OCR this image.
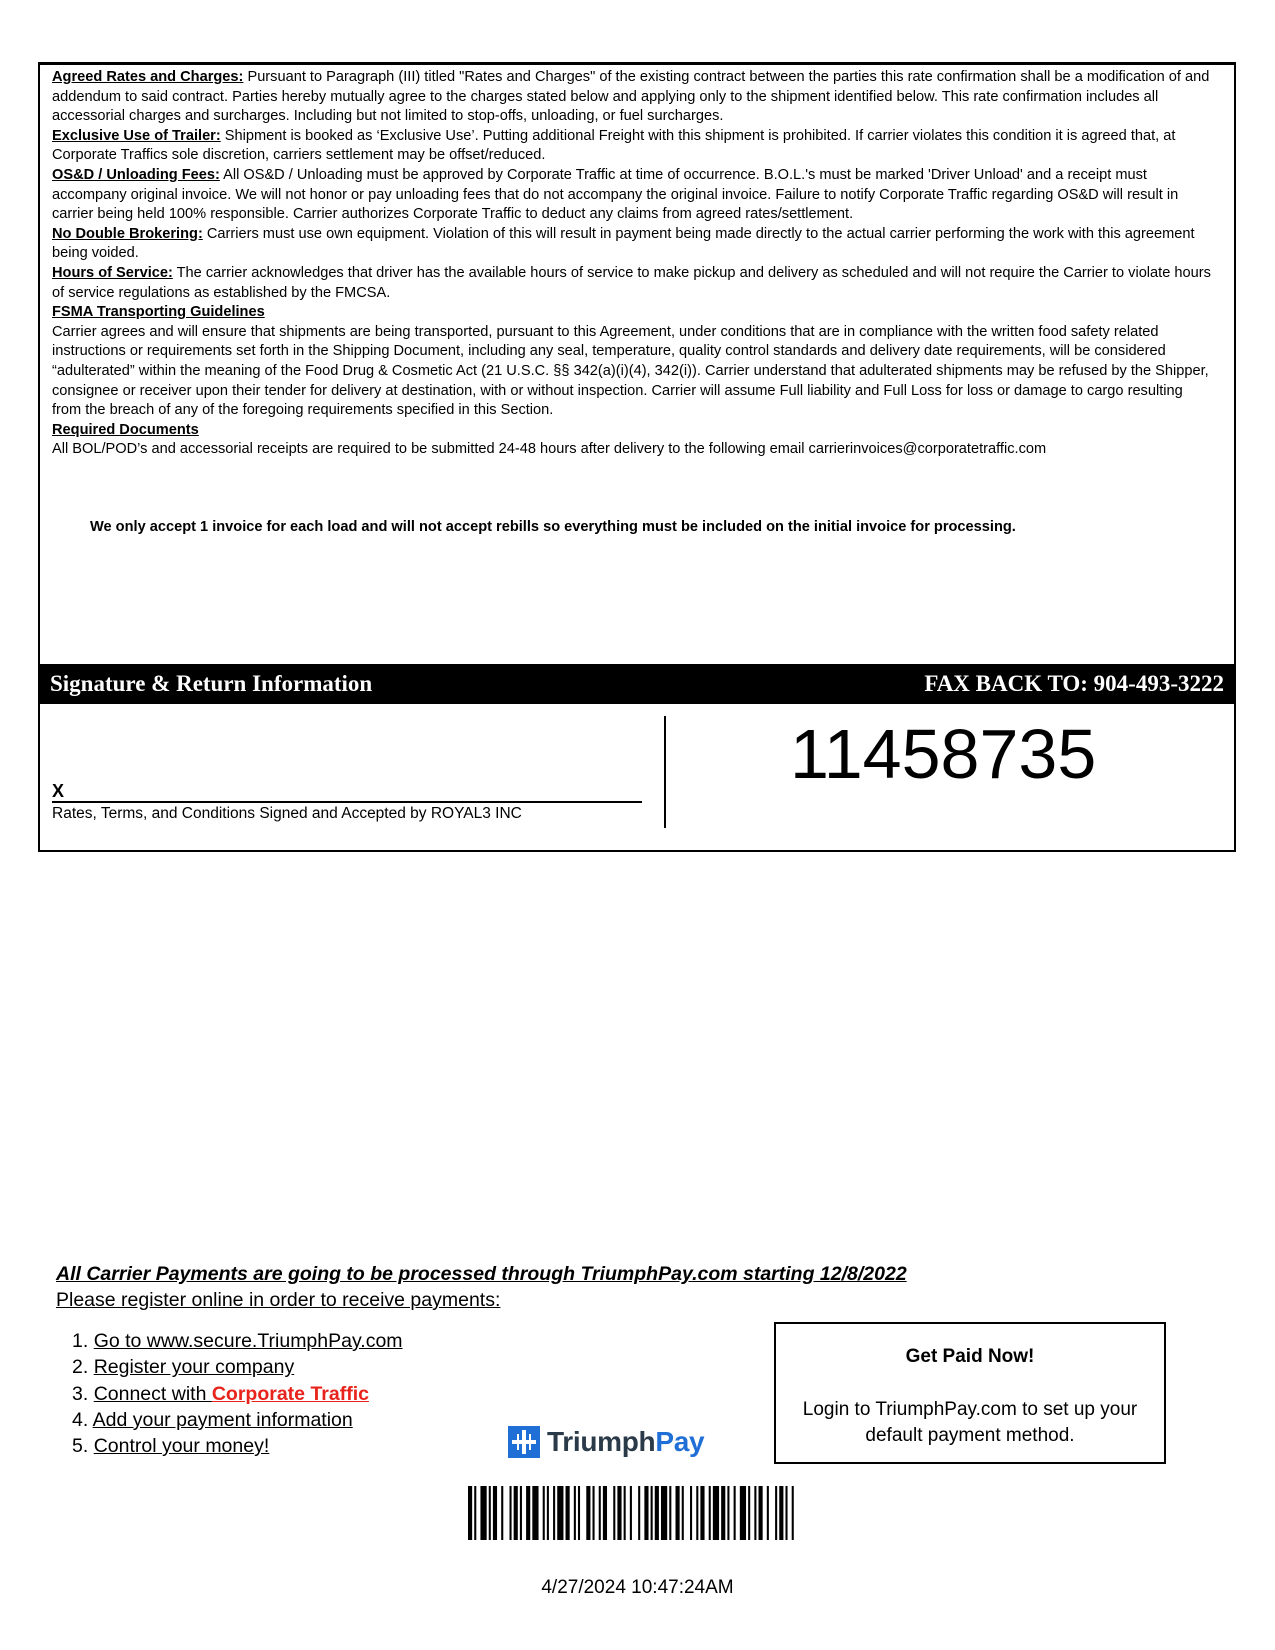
Agreed Rates and Charges: Pursuant to Paragraph (III) titled "Rates and Charges" of the existing contract between the parties this rate confirmation shall be a modification of and addendum to said contract. Parties hereby mutually agree to the charges stated below and applying only to the shipment identified below. This rate confirmation includes all accessorial charges and surcharges. Including but not limited to stop-offs, unloading, or fuel surcharges.

Exclusive Use of Trailer: Shipment is booked as ‘Exclusive Use’. Putting additional Freight with this shipment is prohibited. If carrier violates this condition it is agreed that, at Corporate Traffics sole discretion, carriers settlement may be offset/reduced.

OS&D / Unloading Fees: All OS&D / Unloading must be approved by Corporate Traffic at time of occurrence. B.O.L.'s must be marked 'Driver Unload' and a receipt must accompany original invoice. We will not honor or pay unloading fees that do not accompany the original invoice. Failure to notify Corporate Traffic regarding OS&D will result in carrier being held 100% responsible. Carrier authorizes Corporate Traffic to deduct any claims from agreed rates/settlement.

No Double Brokering: Carriers must use own equipment. Violation of this will result in payment being made directly to the actual carrier performing the work with this agreement being voided.

Hours of Service: The carrier acknowledges that driver has the available hours of service to make pickup and delivery as scheduled and will not require the Carrier to violate hours of service regulations as established by the FMCSA.

FSMA Transporting Guidelines

Carrier agrees and will ensure that shipments are being transported, pursuant to this Agreement, under conditions that are in compliance with the written food safety related instructions or requirements set forth in the Shipping Document, including any seal, temperature, quality control standards and delivery date requirements, will be considered “adulterated” within the meaning of the Food Drug & Cosmetic Act (21 U.S.C. §§ 342(a)(i)(4), 342(i)). Carrier understand that adulterated shipments may be refused by the Shipper, consignee or receiver upon their tender for delivery at destination, with or without inspection. Carrier will assume Full liability and Full Loss for loss or damage to cargo resulting from the breach of any of the foregoing requirements specified in this Section.

Required Documents

All BOL/POD’s and accessorial receipts are required to be submitted 24-48 hours after delivery to the following email carrierinvoices@corporatetraffic.com

We only accept 1 invoice for each load and will not accept rebills so everything must be included on the initial invoice for processing.
Signature & Return Information	FAX BACK TO: 904-493-3222
X
Rates, Terms, and Conditions Signed and Accepted by ROYAL3 INC
11458735
All Carrier Payments are going to be processed through TriumphPay.com starting 12/8/2022
Please register online in order to receive payments:
1. Go to www.secure.TriumphPay.com
2. Register your company
3. Connect with Corporate Traffic
4. Add your payment information
5. Control your money!	TriumphPay
Get Paid Now!
Login to TriumphPay.com to set up your default payment method.
4/27/2024 10:47:24AM
